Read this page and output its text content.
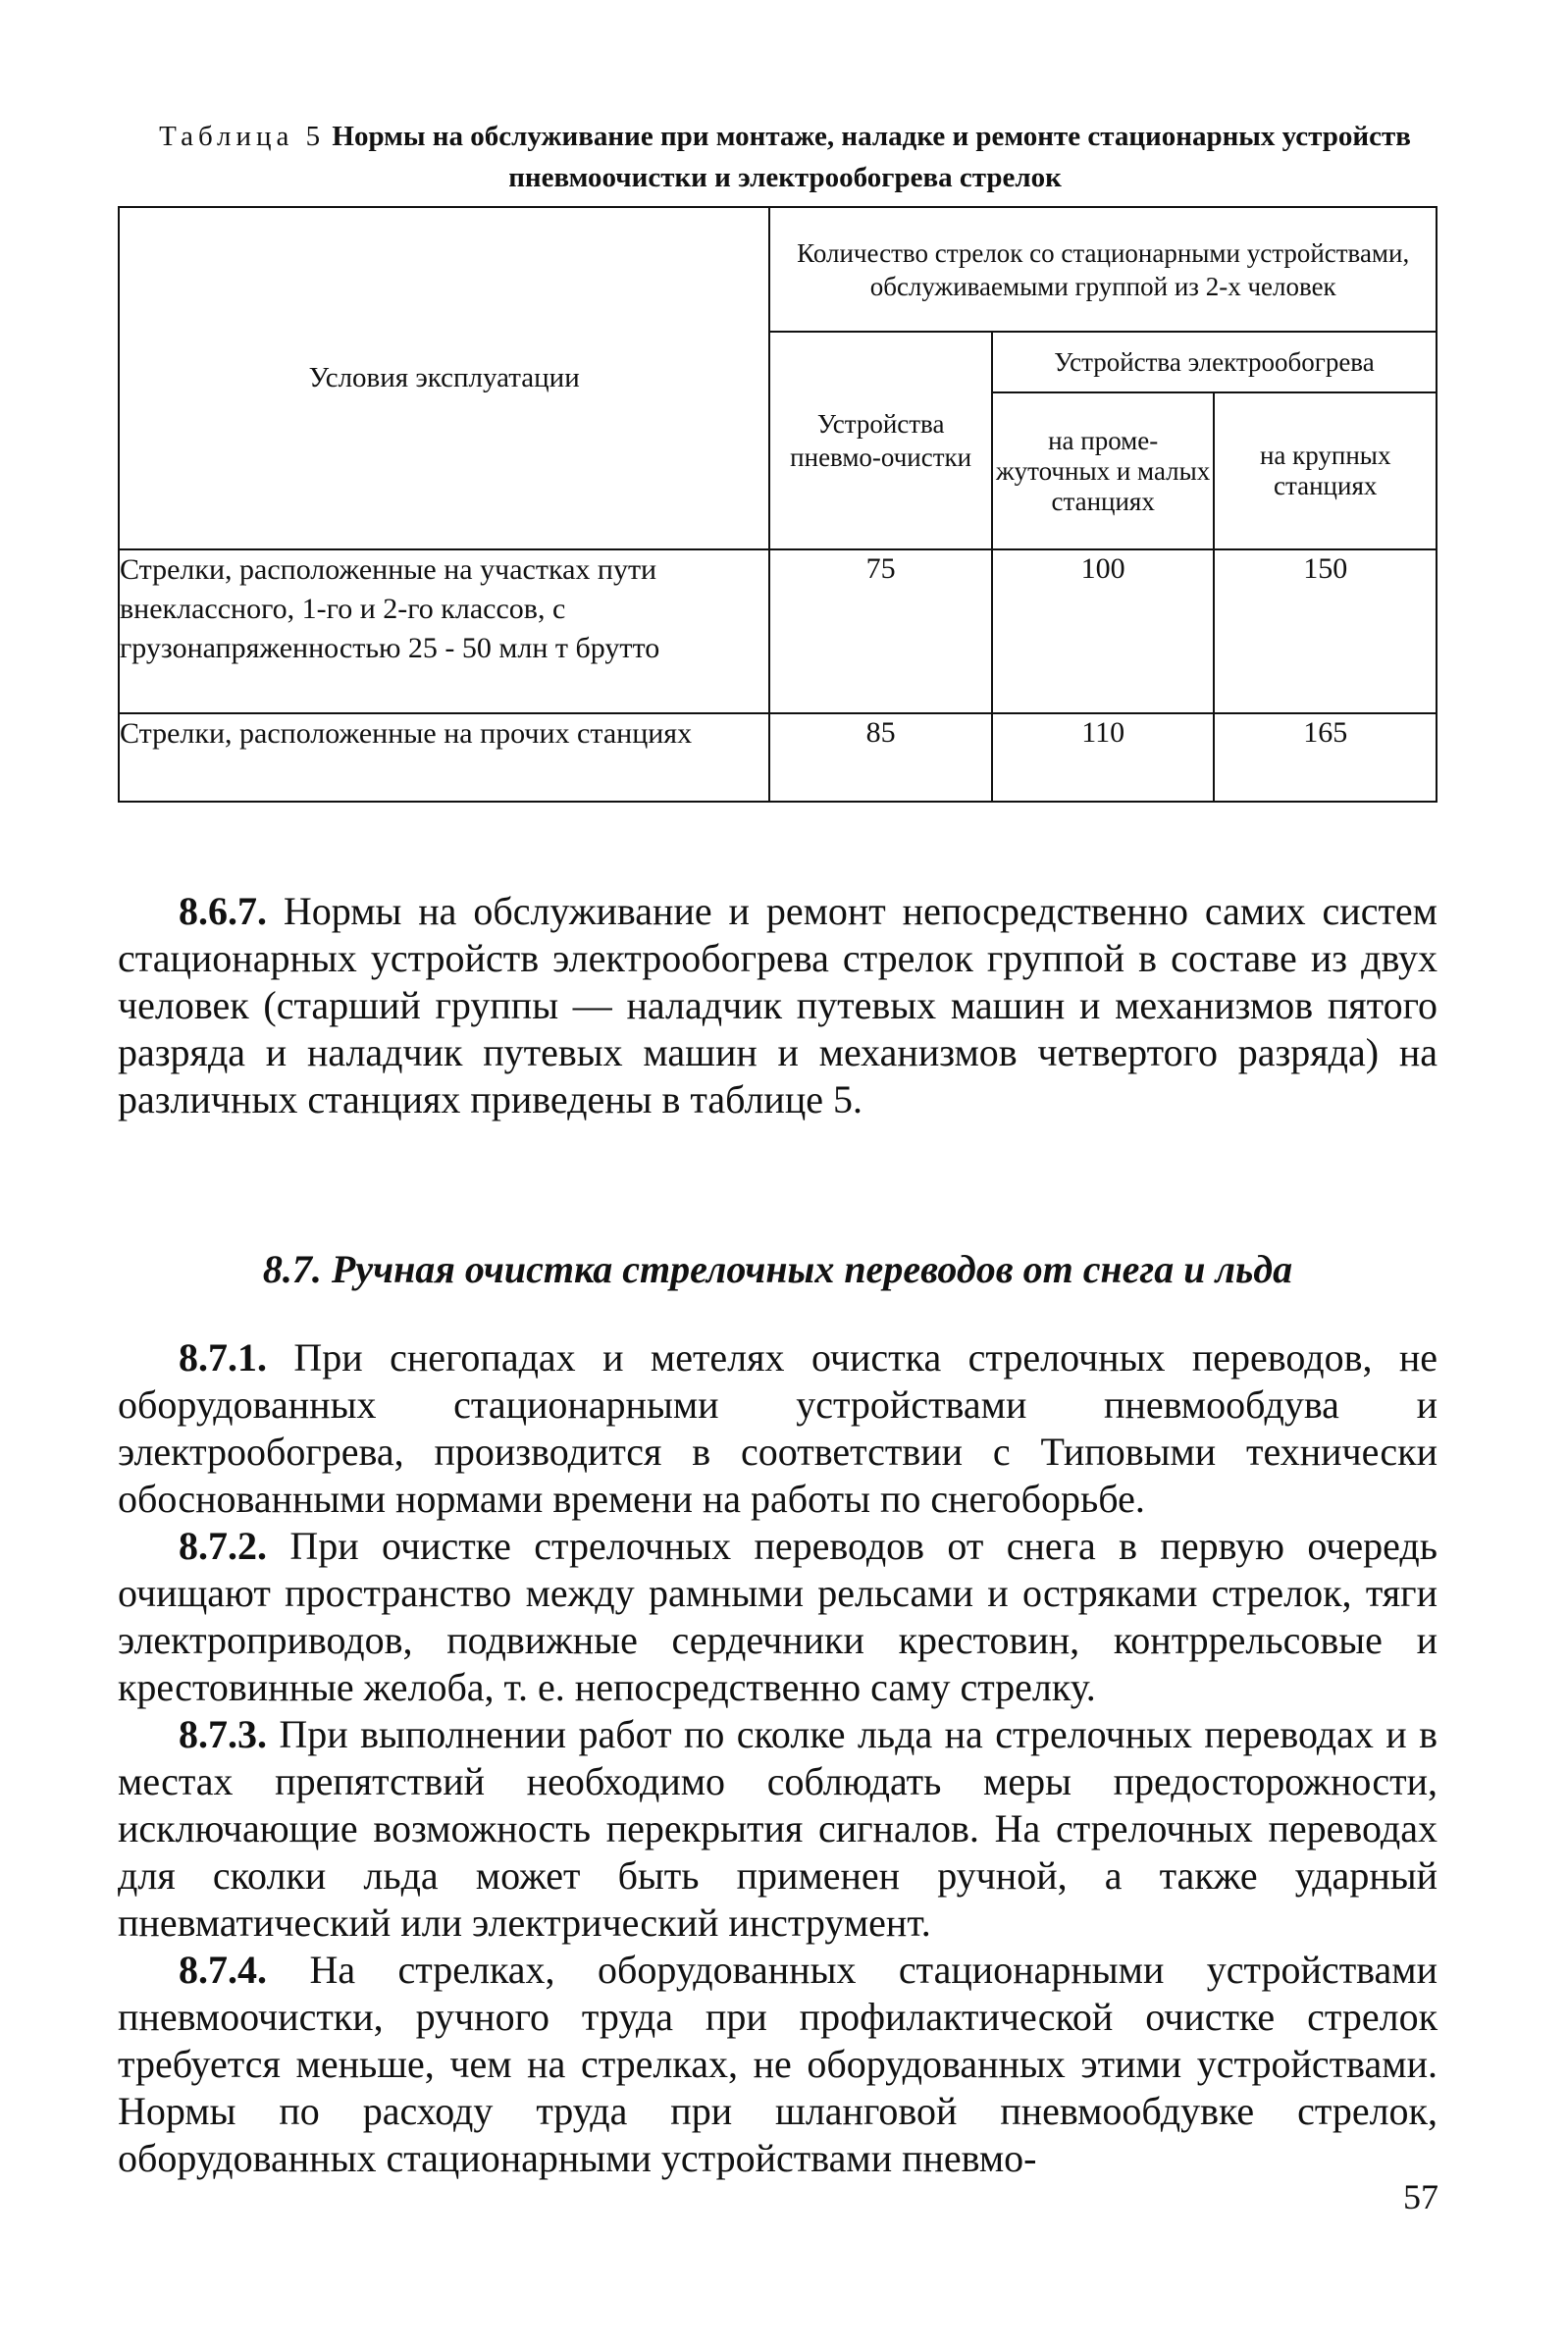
Таблица 5 Нормы на обслуживание при монтаже, наладке и ремонте стационарных устройств пневмоочистки и электрообогрева стрелок
Условия эксплуатации	Количество стрелок со стационарными устройствами, обслуживаемыми группой из 2-х человек		
	Устройства пневмо-очистки	Устройства электрообогрева	
		на проме-жуточных и малых станциях	на крупных станциях
Стрелки, расположенные на участках пути внеклассного, 1-го и 2-го классов, с грузонапряженностью 25 - 50 млн т брутто	75	100	150
Стрелки, расположенные на прочих станциях	85	110	165

8.6.7. Нормы на обслуживание и ремонт непосредственно самих систем стационарных устройств электрообогрева стрелок группой в составе из двух человек (старший группы — наладчик путевых машин и механизмов пятого разряда и наладчик путевых машин и механизмов четвертого разряда) на различных станциях приведены в таблице 5.

8.7. Ручная очистка стрелочных переводов от снега и льда

8.7.1. При снегопадах и метелях очистка стрелочных переводов, не оборудованных стационарными устройствами пневмообдува и электрообогрева, производится в соответствии с Типовыми технически обоснованными нормами времени на работы по снегоборьбе.

8.7.2. При очистке стрелочных переводов от снега в первую очередь очищают пространство между рамными рельсами и остряками стрелок, тяги электроприводов, подвижные сердечники крестовин, контррельсовые и крестовинные желоба, т. е. непосредственно саму стрелку.

8.7.3. При выполнении работ по сколке льда на стрелочных переводах и в местах препятствий необходимо соблюдать меры предосторожности, исключающие возможность перекрытия сигналов. На стрелочных переводах для сколки льда может быть применен ручной, а также ударный пневматический или электрический инструмент.

8.7.4. На стрелках, оборудованных стационарными устройствами пневмоочистки, ручного труда при профилактической очистке стрелок требуется меньше, чем на стрелках, не оборудованных этими устройствами. Нормы по расходу труда при шланговой пневмообдувке стрелок, оборудованных стационарными устройствами пневмо-

57
